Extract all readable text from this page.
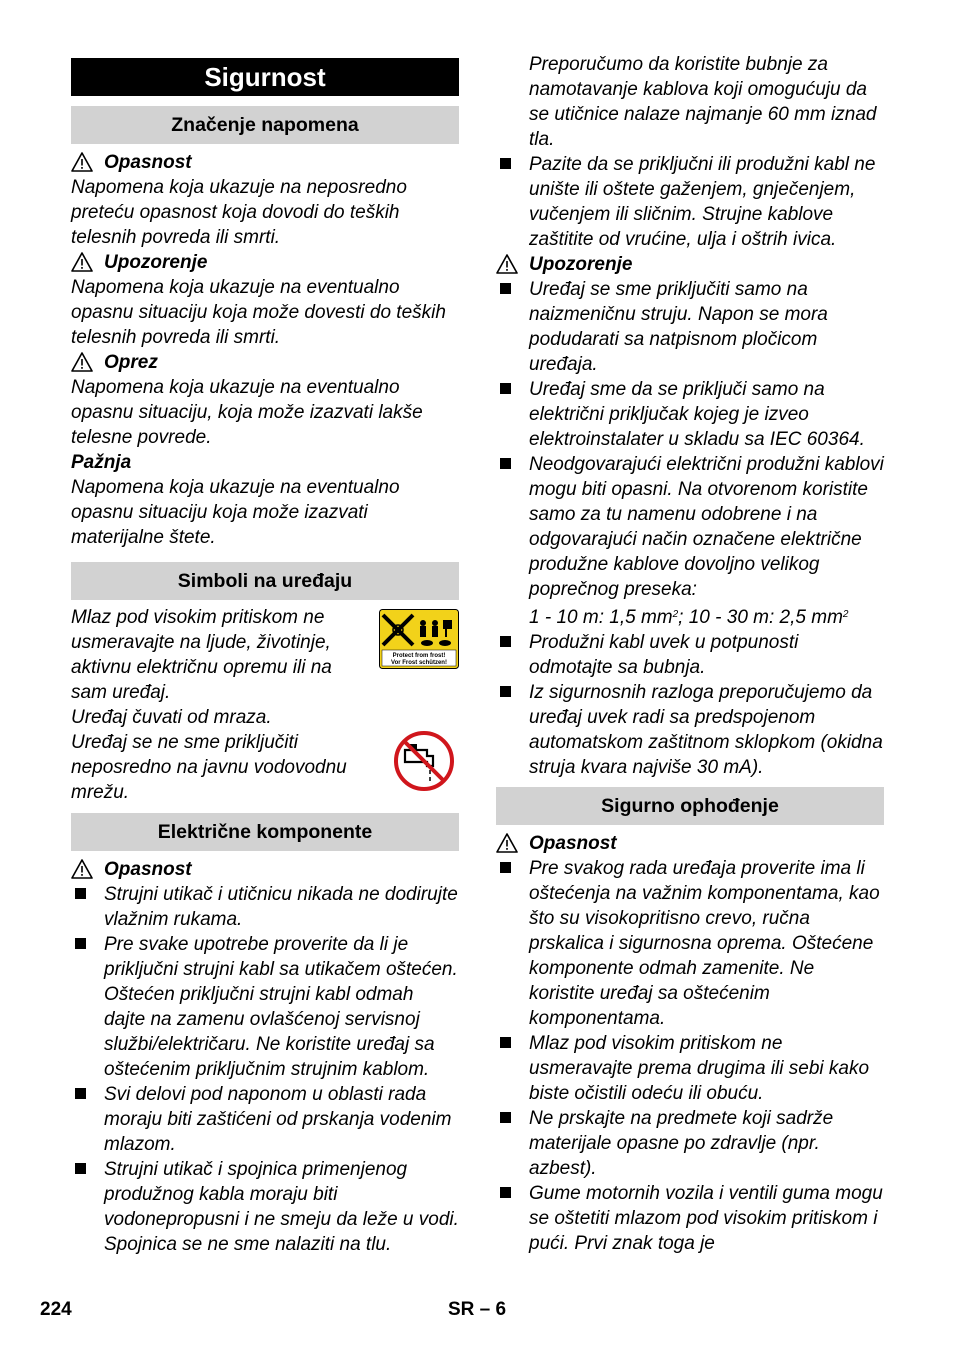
Sigurnost
Značenje napomena
Opasnost

Napomena koja ukazuje na neposredno preteću opasnost koja dovodi do teških telesnih povreda ili smrti.

Upozorenje

Napomena koja ukazuje na eventualno opasnu situaciju koja može dovesti do teških telesnih povreda ili smrti.

Oprez

Napomena koja ukazuje na eventualno opasnu situaciju, koja može izazvati lakše telesne povrede.

Pažnja

Napomena koja ukazuje na eventualno opasnu situaciju koja može izazvati materijalne štete.

Simboli na uređaju

Mlaz pod visokim pritiskom ne usmeravajte na ljude, životinje, aktivnu električnu opremu ili na sam uređaj.

Protect from frost!
Vor Frost schützen!

Uređaj čuvati od mraza.

Uređaj se ne sme priključiti neposredno na javnu vodovodnu mrežu.

Električne komponente
Opasnost
Strujni utikač i utičnicu nikada ne dodirujte vlažnim rukama.
Pre svake upotrebe proverite da li je priključni strujni kabl sa utikačem oštećen. Oštećen priključni strujni kabl odmah dajte na zamenu ovlašćenoj servisnoj službi/električaru. Ne koristite uređaj sa oštećenim priključnim strujnim kablom.
Svi delovi pod naponom u oblasti rada moraju biti zaštićeni od prskanja vodenim mlazom.
Strujni utikač i spojnica primenjenog produžnog kabla moraju biti vodonepropusni i ne smeju da leže u vodi. Spojnica se ne sme nalaziti na tlu.

Preporučumo da koristite bubnje za namotavanje kablova koji omogućuju da se utičnice nalaze najmanje 60 mm iznad tla.

Pazite da se priključni ili produžni kabl ne unište ili oštete gaženjem, gnječenjem, vučenjem ili sličnim. Strujne kablove zaštitite od vrućine, ulja i oštrih ivica.
Upozorenje
Uređaj se sme priključiti samo na naizmeničnu struju. Napon se mora podudarati sa natpisnom pločicom uređaja.
Uređaj sme da se priključi samo na električni priključak kojeg je izveo elektroinstalater u skladu sa IEC 60364.
Neodgovarajući električni produžni kablovi mogu biti opasni. Na otvorenom koristite samo za tu namenu odobrene i na odgovarajući način označene električne produžne kablove dovoljno velikog poprečnog preseka:

1 - 10 m: 1,5 $mm^2$; 10 - 30 m: 2,5 $mm^2$

Produžni kabl uvek u potpunosti odmotajte sa bubnja.
Iz sigurnosnih razloga preporučujemo da uređaj uvek radi sa predspojenom automatskom zaštitnom sklopkom (okidna struja kvara najviše 30 mA).
Sigurno ophođenje
Opasnost
Pre svakog rada uređaja proverite ima li oštećenja na važnim komponentama, kao što su visokopritisno crevo, ručna prskalica i sigurnosna oprema. Oštećene komponente odmah zamenite. Ne koristite uređaj sa oštećenim komponentama.
Mlaz pod visokim pritiskom ne usmeravajte prema drugima ili sebi kako biste očistili odeću ili obuću.
Ne prskajte na predmete koji sadrže materijale opasne po zdravlje (npr. azbest).
Gume motornih vozila i ventili guma mogu se oštetiti mlazom pod visokim pritiskom i pući. Prvi znak toga je
224	SR – 6
